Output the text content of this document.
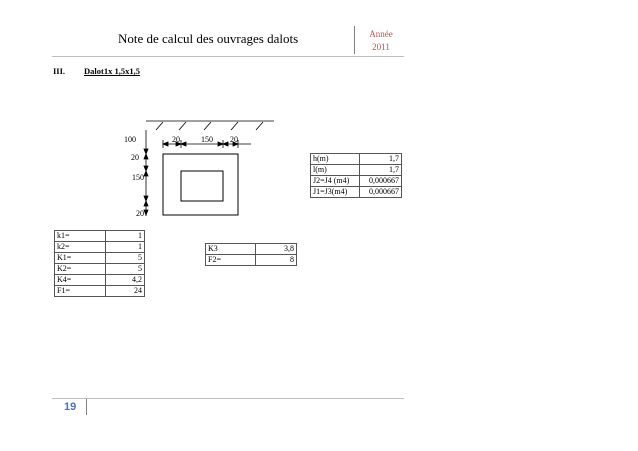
Note de calcul des ouvrages dalots	Année
2011
III. Dalot1x 1,5x1,5
100
20
150
20
20	150 20
h(m)	1,7
l(m)	1,7
J2=J4 (m4)	0,000667
J1=J3(m4)	0,000667
k1=	1
k2=	1
K1=	5
K2=	5
K4=	4,2
F1=	24
K3	3,8
F2=	8
19
